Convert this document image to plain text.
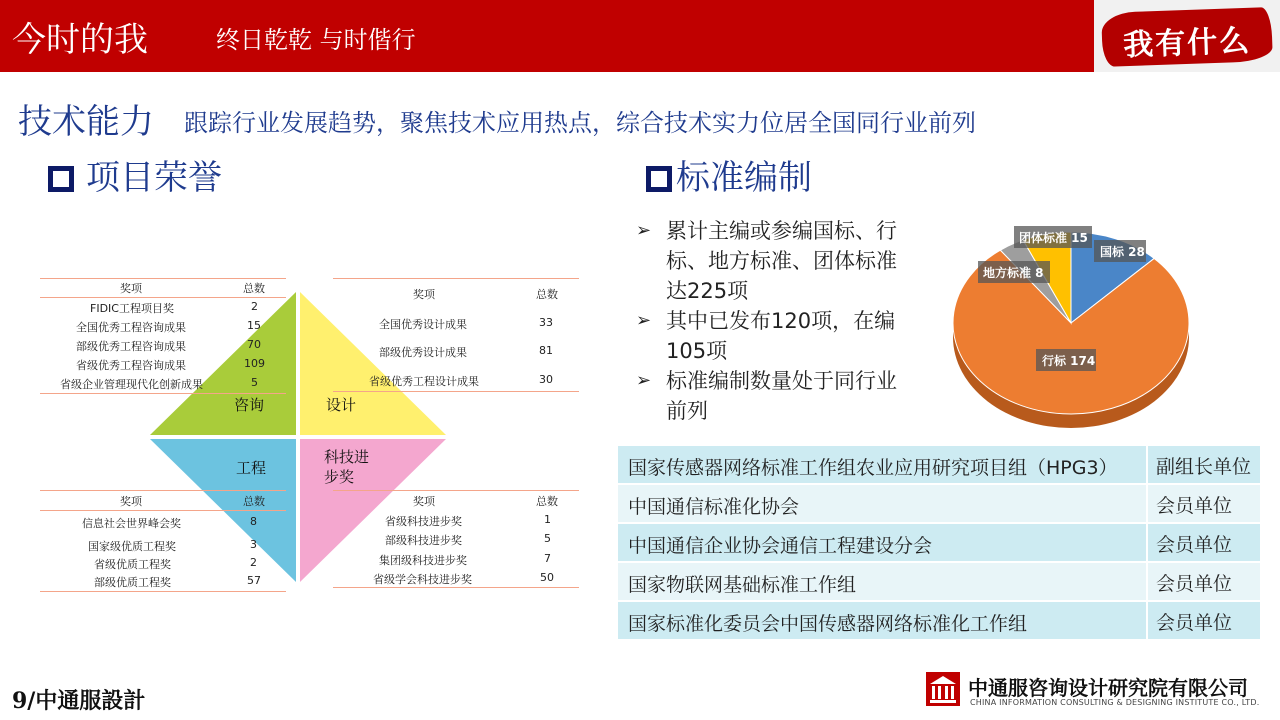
今时的我	终日乾乾 与时偕行	我有什么
技术能力 跟踪行业发展趋势，聚焦技术应用热点，综合技术实力位居全国同行业前列
项目荣誉	标准编制
奖项	总数
FIDIC工程项目奖	2
全国优秀工程咨询成果	15
部级优秀工程咨询成果	70
省级优秀工程咨询成果	109
省级企业管理现代化创新成果	5
奖项	总数
全国优秀设计成果	33
部级优秀设计成果	81
省级优秀工程设计成果	30
奖项	总数
信息社会世界峰会奖	8
国家级优质工程奖	3
省级优质工程奖	2
部级优质工程奖	57
奖项	总数
省级科技进步奖	1
部级科技进步奖	5
集团级科技进步奖	7
省级学会科技进步奖	50
咨询	设计
工程
科技进
步奖
➢ 累计主编或参编国标、行标、地方标准、团体标准达225项
➢ 其中已发布120项，在编105项
➢ 标准编制数量处于同行业前列
国标 28
团体标准 15
地方标准 8
行标 174
国家传感器网络标准工作组农业应用研究项目组（HPG3） 副组长单位
中国通信标准化协会	会员单位
中国通信企业协会通信工程建设分会	会员单位
国家物联网基础标准工作组	会员单位
国家标准化委员会中国传感器网络标准化工作组	会员单位
9/中通服設計	中通服咨询设计研究院有限公司
CHINA INFORMATION CONSULTING & DESIGNING INSTITUTE CO., LTD.
